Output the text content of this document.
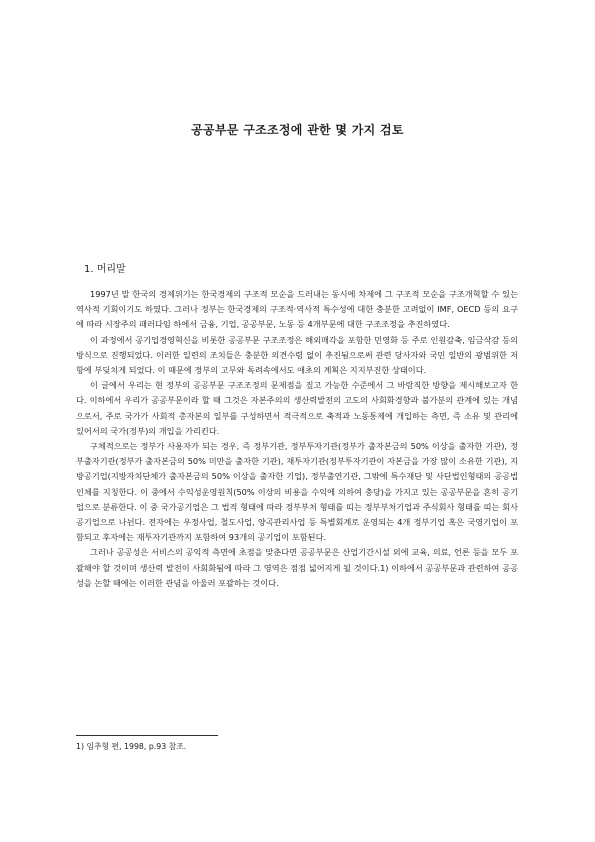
공공부문 구조조정에 관한 몇 가지 검토
1. 머리말

1997년 말 한국의 경제위기는 한국경제의 구조적 모순을 드러내는 동시에 차제에 그 구조적 모순을 구조개혁할 수 있는 역사적 기회이기도 하였다. 그러나 정부는 한국경제의 구조적·역사적 특수성에 대한 충분한 고려없이 IMF, OECD 등의 요구에 따라 시장주의 패러다임 하에서 금융, 기업, 공공부문, 노동 등 4개부문에 대한 구조조정을 추진하였다.

이 과정에서 공기업경영혁신을 비롯한 공공부문 구조조정은 해외매각을 포함한 민영화 등 주로 인원감축, 임금삭감 등의 방식으로 진행되었다. 이러한 일련의 조치들은 충분한 의견수렴 없이 추진됨으로써 관련 당사자와 국민 일반의 광범위한 저항에 부딪치게 되었다. 이 때문에 정부의 고무와 독려속에서도 애초의 계획은 지지부진한 상태이다.

이 글에서 우리는 현 정부의 공공부문 구조조정의 문제점을 짚고 가능한 수준에서 그 바람직한 방향을 제시해보고자 한다. 이하에서 우리가 공공부문이라 할 때 그것은 자본주의의 생산력발전의 고도의 사회화경향과 불가분의 관계에 있는 개념으로서, 주로 국가가 사회적 총자본의 일부를 구성하면서 적극적으로 축적과 노동통제에 개입하는 측면, 즉 소유 및 관리에 있어서의 국가(정부)의 개입을 가리킨다.

구체적으로는 정부가 사용자가 되는 경우, 즉 정부기관, 정부투자기관(정부가 출자본금의 50% 이상을 출자한 기관), 정부출자기관(정부가 출자본금의 50% 미만을 출자한 기관), 재투자기관(정부투자기관이 자본금을 가장 많이 소유한 기관), 지방공기업(지방자치단체가 출자본금의 50% 이상을 출자한 기업), 정부출연기관, 그밖에 특수재단 및 사단법인형태의 공공법인체를 지칭한다. 이 중에서 수익성운영원칙(50% 이상의 비용을 수익에 의하여 충당)을 가지고 있는 공공부문을 흔히 공기업으로 분류한다. 이 중 국가공기업은 그 법적 형태에 따라 정부부처 형태를 띠는 정부부처기업과 주식회사 형태를 띠는 회사공기업으로 나뉜다. 전자에는 우정사업, 철도사업, 양곡관리사업 등 특별회계로 운영되는 4개 정부기업 혹은 국영기업이 포함되고 후자에는 재투자기관까지 포함하여 93개의 공기업이 포함된다.

그러나 공공성은 서비스의 공익적 측면에 초점을 맞춘다면 공공부문은 산업기간시설 외에 교육, 의료, 언론 등을 모두 포괄해야 할 것이며 생산력 발전이 사회화됨에 따라 그 영역은 점점 넓어지게 될 것이다.1) 이하에서 공공부문과 관련하여 공공성을 논할 때에는 이러한 관념을 아울러 포괄하는 것이다.

1) 임추형 편, 1998, p.93 참조.
